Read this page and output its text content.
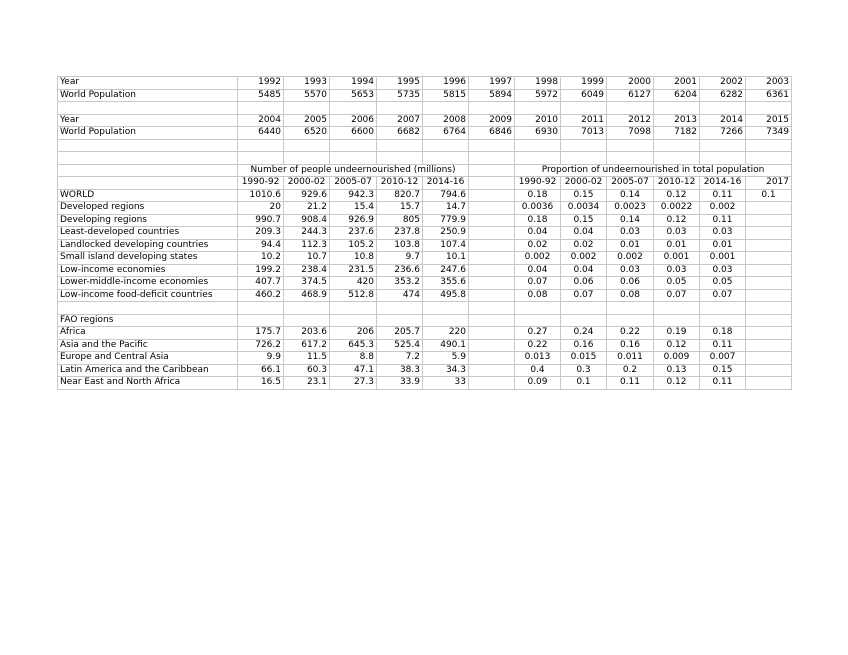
Year	1992	1993	1994	1995	1996	1997	1998	1999	2000	2001	2002	2003
World Population	5485	5570	5653	5735	5815	5894	5972	6049	6127	6204	6282	6361

Year	2004	2005	2006	2007	2008	2009	2010	2011	2012	2013	2014	2015
World Population	6440	6520	6600	6682	6764	6846	6930	7013	7098	7182	7266	7349

	Number of people undeernourished (millions)						Proportion of undeernourished in total population					
	1990-92	2000-02	2005-07	2010-12	2014-16		1990-92	2000-02	2005-07	2010-12	2014-16	2017
WORLD	1010.6	929.6	942.3	820.7	794.6		0.18	0.15	0.14	0.12	0.11	0.1
Developed regions	20	21.2	15.4	15.7	14.7		0.0036	0.0034	0.0023	0.0022	0.002	
Developing regions	990.7	908.4	926.9	805	779.9		0.18	0.15	0.14	0.12	0.11	
Least-developed countries	209.3	244.3	237.6	237.8	250.9		0.04	0.04	0.03	0.03	0.03	
Landlocked developing countries	94.4	112.3	105.2	103.8	107.4		0.02	0.02	0.01	0.01	0.01	
Small island developing states	10.2	10.7	10.8	9.7	10.1		0.002	0.002	0.002	0.001	0.001	
Low-income economies	199.2	238.4	231.5	236.6	247.6		0.04	0.04	0.03	0.03	0.03	
Lower-middle-income economies	407.7	374.5	420	353.2	355.6		0.07	0.06	0.06	0.05	0.05	
Low-income food-deficit countries	460.2	468.9	512.8	474	495.8		0.08	0.07	0.08	0.07	0.07	

FAO regions												
Africa	175.7	203.6	206	205.7	220		0.27	0.24	0.22	0.19	0.18	
Asia and the Pacific	726.2	617.2	645.3	525.4	490.1		0.22	0.16	0.16	0.12	0.11	
Europe and Central Asia	9.9	11.5	8.8	7.2	5.9		0.013	0.015	0.011	0.009	0.007	
Latin America and the Caribbean	66.1	60.3	47.1	38.3	34.3		0.4	0.3	0.2	0.13	0.15	
Near East and North Africa	16.5	23.1	27.3	33.9	33		0.09	0.1	0.11	0.12	0.11	
